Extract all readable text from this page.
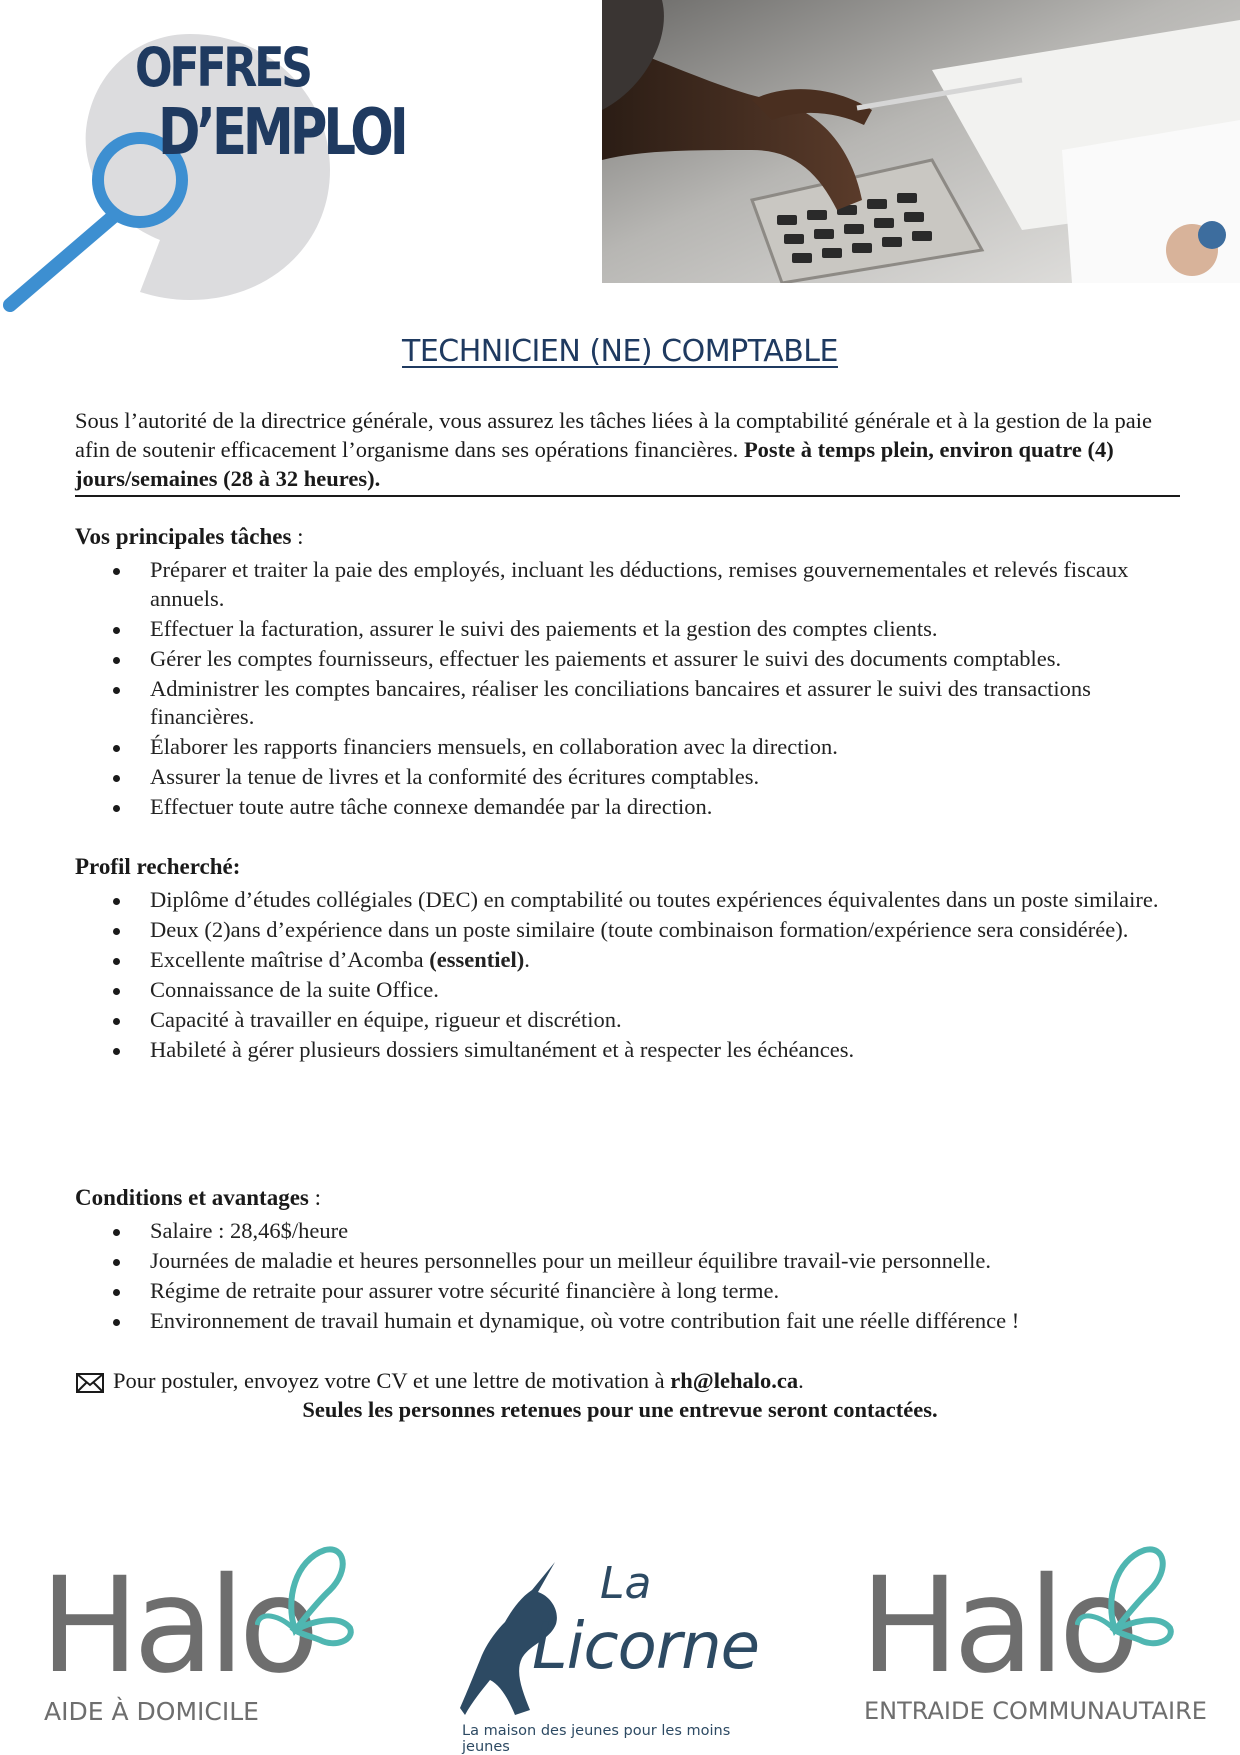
OFFRES
D’EMPLOI
TECHNICIEN (NE) COMPTABLE
Sous l’autorité de la directrice générale, vous assurez les tâches liées à la comptabilité générale et à la gestion de la paie afin de soutenir efficacement l’organisme dans ses opérations financières. Poste à temps plein, environ quatre (4) jours/semaines (28 à 32 heures).
Vos principales tâches :
Préparer et traiter la paie des employés, incluant les déductions, remises gouvernementales et relevés fiscaux annuels.
Effectuer la facturation, assurer le suivi des paiements et la gestion des comptes clients.
Gérer les comptes fournisseurs, effectuer les paiements et assurer le suivi des documents comptables.
Administrer les comptes bancaires, réaliser les conciliations bancaires et assurer le suivi des transactions financières.
Élaborer les rapports financiers mensuels, en collaboration avec la direction.
Assurer la tenue de livres et la conformité des écritures comptables.
Effectuer toute autre tâche connexe demandée par la direction.
Profil recherché:
Diplôme d’études collégiales (DEC) en comptabilité ou toutes expériences équivalentes dans un poste similaire.
Deux (2)ans d’expérience dans un poste similaire (toute combinaison formation/expérience sera considérée).
Excellente maîtrise d’Acomba (essentiel).
Connaissance de la suite Office.
Capacité à travailler en équipe, rigueur et discrétion.
Habileté à gérer plusieurs dossiers simultanément et à respecter les échéances.
Conditions et avantages :
Salaire : 28,46$/heure
Journées de maladie et heures personnelles pour un meilleur équilibre travail-vie personnelle.
Régime de retraite pour assurer votre sécurité financière à long terme.
Environnement de travail humain et dynamique, où votre contribution fait une réelle différence !
Pour postuler, envoyez votre CV et une lettre de motivation à rh@lehalo.ca.
Seules les personnes retenues pour une entrevue seront contactées.
Halo
AIDE À DOMICILE
La
Licorne
La maison des jeunes pour les moins jeunes
Halo
ENTRAIDE COMMUNAUTAIRE
